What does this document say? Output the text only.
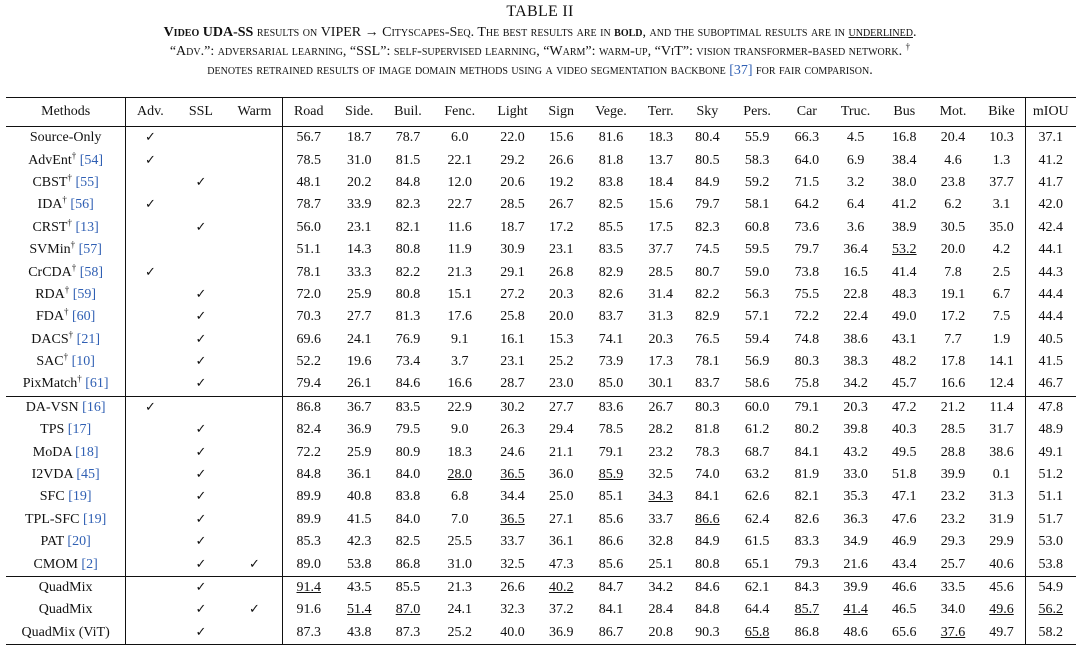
TABLE II
Video UDA-SS results on VIPER → Cityscapes-Seq. The best results are in bold, and the suboptimal results are in underlined.
“Adv.”: adversarial learning, “SSL”: self-supervised learning, “Warm”: warm-up, “ViT”: vision transformer-based network. †
denotes retrained results of image domain methods using a video segmentation backbone [37] for fair comparison.
Methods	Adv.	SSL	Warm	Road	Side.	Buil.	Fenc.	Light	Sign	Vege.	Terr.	Sky	Pers.	Car	Truc.	Bus	Mot.	Bike	mIOU
Source-Only	✓			56.7	18.7	78.7	6.0	22.0	15.6	81.6	18.3	80.4	55.9	66.3	4.5	16.8	20.4	10.3	37.1
AdvEnt† [54]	✓			78.5	31.0	81.5	22.1	29.2	26.6	81.8	13.7	80.5	58.3	64.0	6.9	38.4	4.6	1.3	41.2
CBST† [55]		✓		48.1	20.2	84.8	12.0	20.6	19.2	83.8	18.4	84.9	59.2	71.5	3.2	38.0	23.8	37.7	41.7
IDA† [56]	✓			78.7	33.9	82.3	22.7	28.5	26.7	82.5	15.6	79.7	58.1	64.2	6.4	41.2	6.2	3.1	42.0
CRST† [13]		✓		56.0	23.1	82.1	11.6	18.7	17.2	85.5	17.5	82.3	60.8	73.6	3.6	38.9	30.5	35.0	42.4
SVMin† [57]				51.1	14.3	80.8	11.9	30.9	23.1	83.5	37.7	74.5	59.5	79.7	36.4	53.2	20.0	4.2	44.1
CrCDA† [58]	✓			78.1	33.3	82.2	21.3	29.1	26.8	82.9	28.5	80.7	59.0	73.8	16.5	41.4	7.8	2.5	44.3
RDA† [59]		✓		72.0	25.9	80.8	15.1	27.2	20.3	82.6	31.4	82.2	56.3	75.5	22.8	48.3	19.1	6.7	44.4
FDA† [60]		✓		70.3	27.7	81.3	17.6	25.8	20.0	83.7	31.3	82.9	57.1	72.2	22.4	49.0	17.2	7.5	44.4
DACS† [21]		✓		69.6	24.1	76.9	9.1	16.1	15.3	74.1	20.3	76.5	59.4	74.8	38.6	43.1	7.7	1.9	40.5
SAC† [10]		✓		52.2	19.6	73.4	3.7	23.1	25.2	73.9	17.3	78.1	56.9	80.3	38.3	48.2	17.8	14.1	41.5
PixMatch† [61]		✓		79.4	26.1	84.6	16.6	28.7	23.0	85.0	30.1	83.7	58.6	75.8	34.2	45.7	16.6	12.4	46.7
DA-VSN [16]	✓			86.8	36.7	83.5	22.9	30.2	27.7	83.6	26.7	80.3	60.0	79.1	20.3	47.2	21.2	11.4	47.8
TPS [17]		✓		82.4	36.9	79.5	9.0	26.3	29.4	78.5	28.2	81.8	61.2	80.2	39.8	40.3	28.5	31.7	48.9
MoDA [18]		✓		72.2	25.9	80.9	18.3	24.6	21.1	79.1	23.2	78.3	68.7	84.1	43.2	49.5	28.8	38.6	49.1
I2VDA [45]		✓		84.8	36.1	84.0	28.0	36.5	36.0	85.9	32.5	74.0	63.2	81.9	33.0	51.8	39.9	0.1	51.2
SFC [19]		✓		89.9	40.8	83.8	6.8	34.4	25.0	85.1	34.3	84.1	62.6	82.1	35.3	47.1	23.2	31.3	51.1
TPL-SFC [19]		✓		89.9	41.5	84.0	7.0	36.5	27.1	85.6	33.7	86.6	62.4	82.6	36.3	47.6	23.2	31.9	51.7
PAT [20]		✓		85.3	42.3	82.5	25.5	33.7	36.1	86.6	32.8	84.9	61.5	83.3	34.9	46.9	29.3	29.9	53.0
CMOM [2]		✓	✓	89.0	53.8	86.8	31.0	32.5	47.3	85.6	25.1	80.8	65.1	79.3	21.6	43.4	25.7	40.6	53.8
QuadMix		✓		91.4	43.5	85.5	21.3	26.6	40.2	84.7	34.2	84.6	62.1	84.3	39.9	46.6	33.5	45.6	54.9
QuadMix		✓	✓	91.6	51.4	87.0	24.1	32.3	37.2	84.1	28.4	84.8	64.4	85.7	41.4	46.5	34.0	49.6	56.2
QuadMix (ViT)		✓		87.3	43.8	87.3	25.2	40.0	36.9	86.7	20.8	90.3	65.8	86.8	48.6	65.6	37.6	49.7	58.2
